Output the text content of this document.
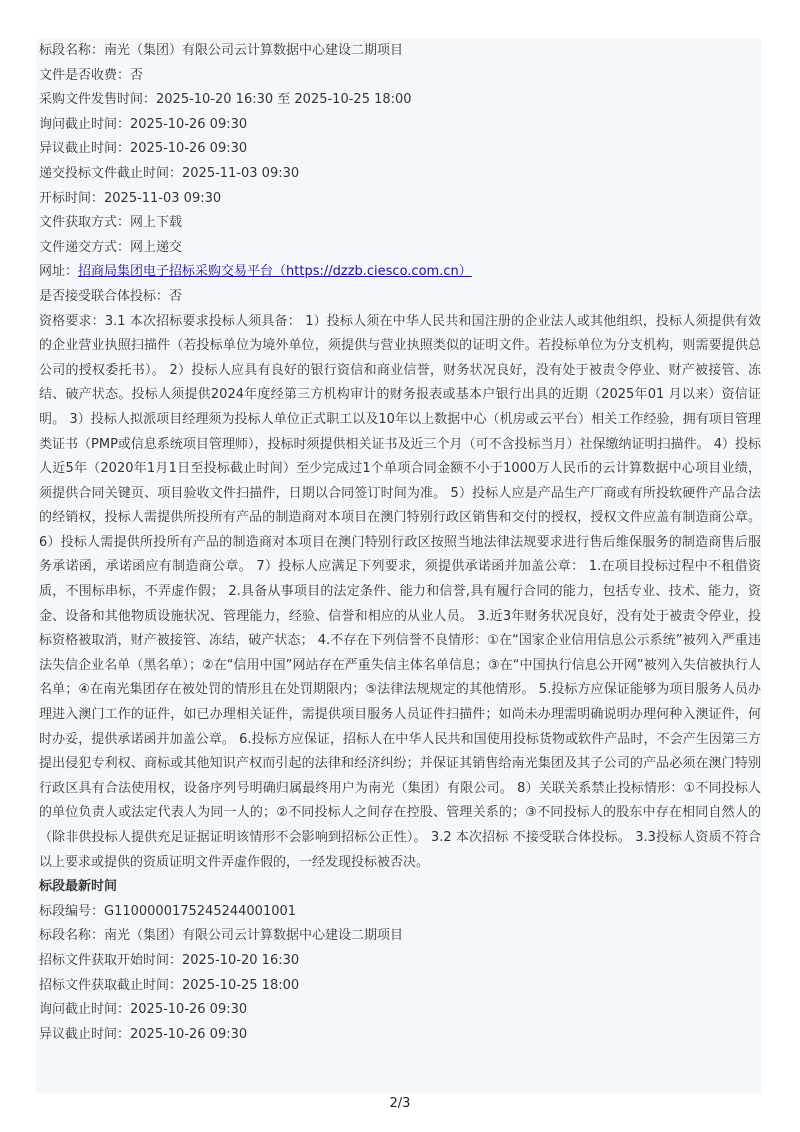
标段名称：南光（集团）有限公司云计算数据中心建设二期项目
文件是否收费：否
采购文件发售时间：2025-10-20 16:30 至 2025-10-25 18:00
询问截止时间：2025-10-26 09:30
异议截止时间：2025-10-26 09:30
递交投标文件截止时间：2025-11-03 09:30
开标时间：2025-11-03 09:30
文件获取方式：网上下载
文件递交方式：网上递交
网址：招商局集团电子招标采购交易平台（https://dzzb.ciesco.com.cn）
是否接受联合体投标：否
资格要求：3.1 本次招标要求投标人须具备： 1）投标人须在中华人民共和国注册的企业法人或其他组织，投标人须提供有效的企业营业执照扫描件（若投标单位为境外单位，须提供与营业执照类似的证明文件。若投标单位为分支机构，则需要提供总公司的授权委托书）。 2）投标人应具有良好的银行资信和商业信誉，财务状况良好，没有处于被责令停业、财产被接管、冻结、破产状态。投标人须提供2024年度经第三方机构审计的财务报表或基本户银行出具的近期（2025年01 月以来）资信证明。 3）投标人拟派项目经理须为投标人单位正式职工以及10年以上数据中心（机房或云平台）相关工作经验，拥有项目管理类证书（PMP或信息系统项目管理师），投标时须提供相关证书及近三个月（可不含投标当月）社保缴纳证明扫描件。 4）投标人近5年（2020年1月1日至投标截止时间）至少完成过1个单项合同金额不小于1000万人民币的云计算数据中心项目业绩，须提供合同关键页、项目验收文件扫描件，日期以合同签订时间为准。 5）投标人应是产品生产厂商或有所投软硬件产品合法的经销权，投标人需提供所投所有产品的制造商对本项目在澳门特别行政区销售和交付的授权，授权文件应盖有制造商公章。 6）投标人需提供所投所有产品的制造商对本项目在澳门特别行政区按照当地法律法规要求进行售后维保服务的制造商售后服务承诺函，承诺函应有制造商公章。 7）投标人应满足下列要求，须提供承诺函并加盖公章： 1.在项目投标过程中不租借资质，不围标串标，不弄虚作假； 2.具备从事项目的法定条件、能力和信誉,具有履行合同的能力，包括专业、技术、能力，资金、设备和其他物质设施状况、管理能力，经验、信誉和相应的从业人员。 3.近3年财务状况良好，没有处于被责令停业，投标资格被取消，财产被接管、冻结，破产状态； 4.不存在下列信誉不良情形：①在“国家企业信用信息公示系统”被列入严重违法失信企业名单（黑名单）；②在“信用中国”网站存在严重失信主体名单信息；③在“中国执行信息公开网”被列入失信被执行人名单；④在南光集团存在被处罚的情形且在处罚期限内；⑤法律法规规定的其他情形。 5.投标方应保证能够为项目服务人员办理进入澳门工作的证件，如已办理相关证件，需提供项目服务人员证件扫描件；如尚未办理需明确说明办理何种入澳证件，何时办妥，提供承诺函并加盖公章。 6.投标方应保证，招标人在中华人民共和国使用投标货物或软件产品时，不会产生因第三方提出侵犯专利权、商标或其他知识产权而引起的法律和经济纠纷；并保证其销售给南光集团及其子公司的产品必须在澳门特别行政区具有合法使用权，设备序列号明确归属最终用户为南光（集团）有限公司。 8）关联关系禁止投标情形：①不同投标人的单位负责人或法定代表人为同一人的；②不同投标人之间存在控股、管理关系的；③不同投标人的股东中存在相同自然人的（除非供投标人提供充足证据证明该情形不会影响到招标公正性）。 3.2 本次招标 不接受联合体投标。 3.3投标人资质不符合以上要求或提供的资质证明文件弄虚作假的，一经发现投标被否决。
标段最新时间
标段编号：G1100000175245244001001
标段名称：南光（集团）有限公司云计算数据中心建设二期项目
招标文件获取开始时间：2025-10-20 16:30
招标文件获取截止时间：2025-10-25 18:00
询问截止时间：2025-10-26 09:30
异议截止时间：2025-10-26 09:30
2/3
